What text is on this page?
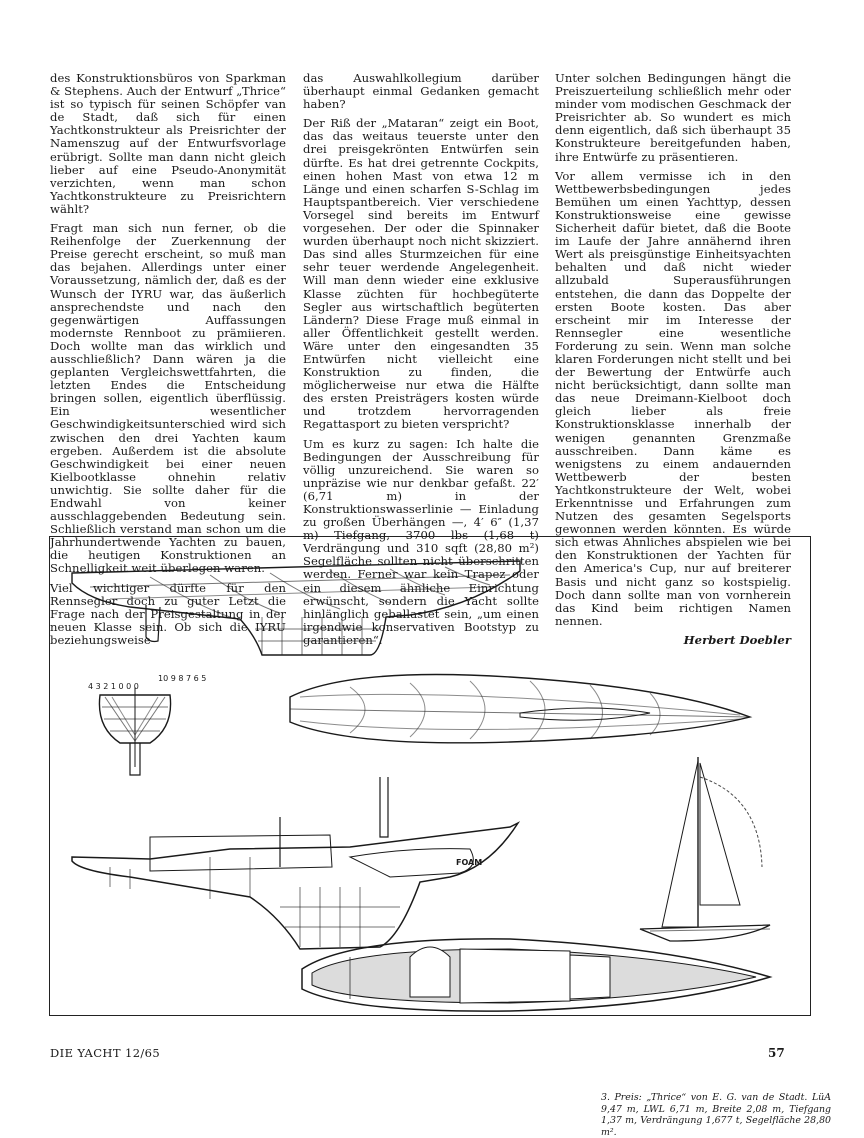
des Konstruktionsbüros von Sparkman & Stephens. Auch der Entwurf „Thrice“ ist so typisch für seinen Schöpfer van de Stadt, daß sich für einen Yachtkonstrukteur als Preisrichter der Namenszug auf der Entwurfsvorlage erübrigt. Sollte man dann nicht gleich lieber auf eine Pseudo-Anonymität verzichten, wenn man schon Yachtkonstrukteure zu Preisrichtern wählt?

Fragt man sich nun ferner, ob die Reihenfolge der Zuerkennung der Preise gerecht erscheint, so muß man das bejahen. Allerdings unter einer Voraussetzung, nämlich der, daß es der Wunsch der IYRU war, das äußerlich ansprechendste und nach den gegenwärtigen Auffassungen modernste Rennboot zu prämiieren. Doch wollte man das wirklich und ausschließlich? Dann wären ja die geplanten Vergleichswettfahrten, die letzten Endes die Entscheidung bringen sollen, eigentlich überflüssig. Ein wesentlicher Geschwindigkeitsunterschied wird sich zwischen den drei Yachten kaum ergeben. Außerdem ist die absolute Geschwindigkeit bei einer neuen Kielbootklasse ohnehin relativ unwichtig. Sie sollte daher für die Endwahl von keiner ausschlaggebenden Bedeutung sein. Schließlich verstand man schon um die Jahrhundertwende Yachten zu bauen, die heutigen Konstruktionen an Schnelligkeit weit überlegen waren.

Viel wichtiger dürfte für den Rennsegler doch zu guter Letzt die Frage nach der Preisgestaltung in der neuen Klasse sein. Ob sich die IYRU beziehungsweise

das Auswahlkollegium darüber überhaupt einmal Gedanken gemacht haben?

Der Riß der „Mataran“ zeigt ein Boot, das das weitaus teuerste unter den drei preisgekrönten Entwürfen sein dürfte. Es hat drei getrennte Cockpits, einen hohen Mast von etwa 12 m Länge und einen scharfen S-Schlag im Hauptspantbereich. Vier verschiedene Vorsegel sind bereits im Entwurf vorgesehen. Der oder die Spinnaker wurden überhaupt noch nicht skizziert. Das sind alles Sturmzeichen für eine sehr teuer werdende Angelegenheit. Will man denn wieder eine exklusive Klasse züchten für hochbegüterte Segler aus wirtschaftlich begüterten Ländern? Diese Frage muß einmal in aller Öffentlichkeit gestellt werden. Wäre unter den eingesandten 35 Entwürfen nicht vielleicht eine Konstruktion zu finden, die möglicherweise nur etwa die Hälfte des ersten Preisträgers kosten würde und trotzdem hervorragenden Regattasport zu bieten verspricht?

Um es kurz zu sagen: Ich halte die Bedingungen der Ausschreibung für völlig unzureichend. Sie waren so unpräzise wie nur denkbar gefaßt. 22′ (6,71 m) in der Konstruktionswasserlinie — Einladung zu großen Überhängen —, 4′ 6″ (1,37 m) Tiefgang, 3700 lbs (1,68 t) Verdrängung und 310 sqft (28,80 m²) Segelfläche sollten nicht überschritten werden. Ferner war kein Trapez oder ein diesem ähnliche Einrichtung erwünscht, sondern die Yacht sollte hinlänglich geballastet sein, „um einen irgendwie konservativen Bootstyp zu garantieren“.

Unter solchen Bedingungen hängt die Preiszuerteilung schließlich mehr oder minder vom modischen Geschmack der Preisrichter ab. So wundert es mich denn eigentlich, daß sich überhaupt 35 Konstrukteure bereitgefunden haben, ihre Entwürfe zu präsentieren.

Vor allem vermisse ich in den Wettbewerbsbedingungen jedes Bemühen um einen Yachttyp, dessen Konstruktionsweise eine gewisse Sicherheit dafür bietet, daß die Boote im Laufe der Jahre annähernd ihren Wert als preisgünstige Einheitsyachten behalten und daß nicht wieder allzubald Superausführungen entstehen, die dann das Doppelte der ersten Boote kosten. Das aber erscheint mir im Interesse der Rennsegler eine wesentliche Forderung zu sein. Wenn man solche klaren Forderungen nicht stellt und bei der Bewertung der Entwürfe auch nicht berücksichtigt, dann sollte man das neue Dreimann-Kielboot doch gleich lieber als freie Konstruktionsklasse innerhalb der wenigen genannten Grenzmaße ausschreiben. Dann käme es wenigstens zu einem andauernden Wettbewerb der besten Yachtkonstrukteure der Welt, wobei Erkenntnisse und Erfahrungen zum Nutzen des gesamten Segelsports gewonnen werden könnten. Es würde sich etwas Ähnliches abspielen wie bei den Konstruktionen der Yachten für den America's Cup, nur auf breiterer Basis und nicht ganz so kostspielig. Doch dann sollte man von vornherein das Kind beim richtigen Namen nennen.

Herbert Doebler
4 3 2 1 0 0 0
10 9 8 7 6 5
FOAM
3. Preis: „Thrice“ von E. G. van de Stadt. LüA 9,47 m, LWL 6,71 m, Breite 2,08 m, Tiefgang 1,37 m, Verdrängung 1,677 t, Segelfläche 28,80 m².
DIE YACHT 12/65	57
